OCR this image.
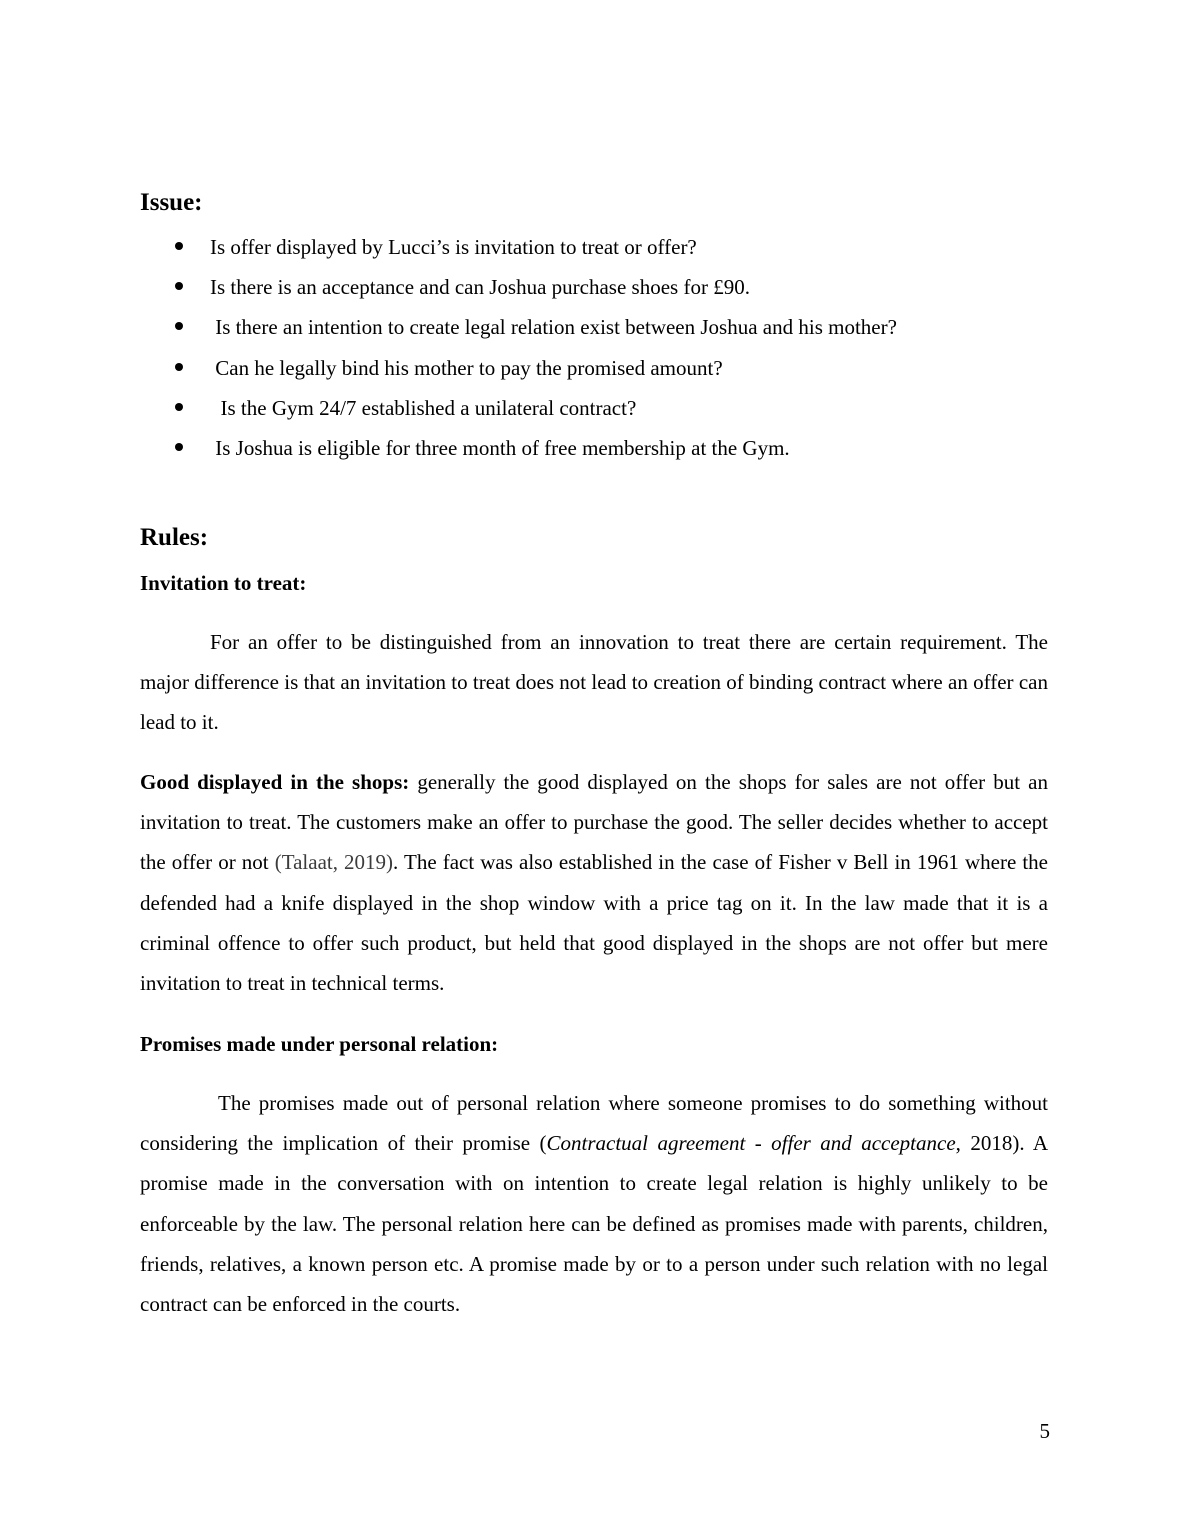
Issue:
Is offer displayed by Lucci’s is invitation to treat or offer?
Is there is an acceptance and can Joshua purchase shoes for £90.
Is there an intention to create legal relation exist between Joshua and his mother?
Can he legally bind his mother to pay the promised amount?
Is the Gym 24/7 established a unilateral contract?
Is Joshua is eligible for three month of free membership at the Gym.
Rules:
Invitation to treat:

For an offer to be distinguished from an innovation to treat there are certain requirement. The major difference is that an invitation to treat does not lead to creation of binding contract where an offer can lead to it.

Good displayed in the shops: generally the good displayed on the shops for sales are not offer but an invitation to treat. The customers make an offer to purchase the good. The seller decides whether to accept the offer or not (Talaat, 2019). The fact was also established in the case of Fisher v Bell in 1961 where the defended had a knife displayed in the shop window with a price tag on it. In the law made that it is a criminal offence to offer such product, but held that good displayed in the shops are not offer but mere invitation to treat in technical terms.

Promises made under personal relation:

The promises made out of personal relation where someone promises to do something without considering the implication of their promise (Contractual agreement - offer and acceptance, 2018). A promise made in the conversation with on intention to create legal relation is highly unlikely to be enforceable by the law. The personal relation here can be defined as promises made with parents, children, friends, relatives, a known person etc. A promise made by or to a person under such relation with no legal contract can be enforced in the courts.

5
